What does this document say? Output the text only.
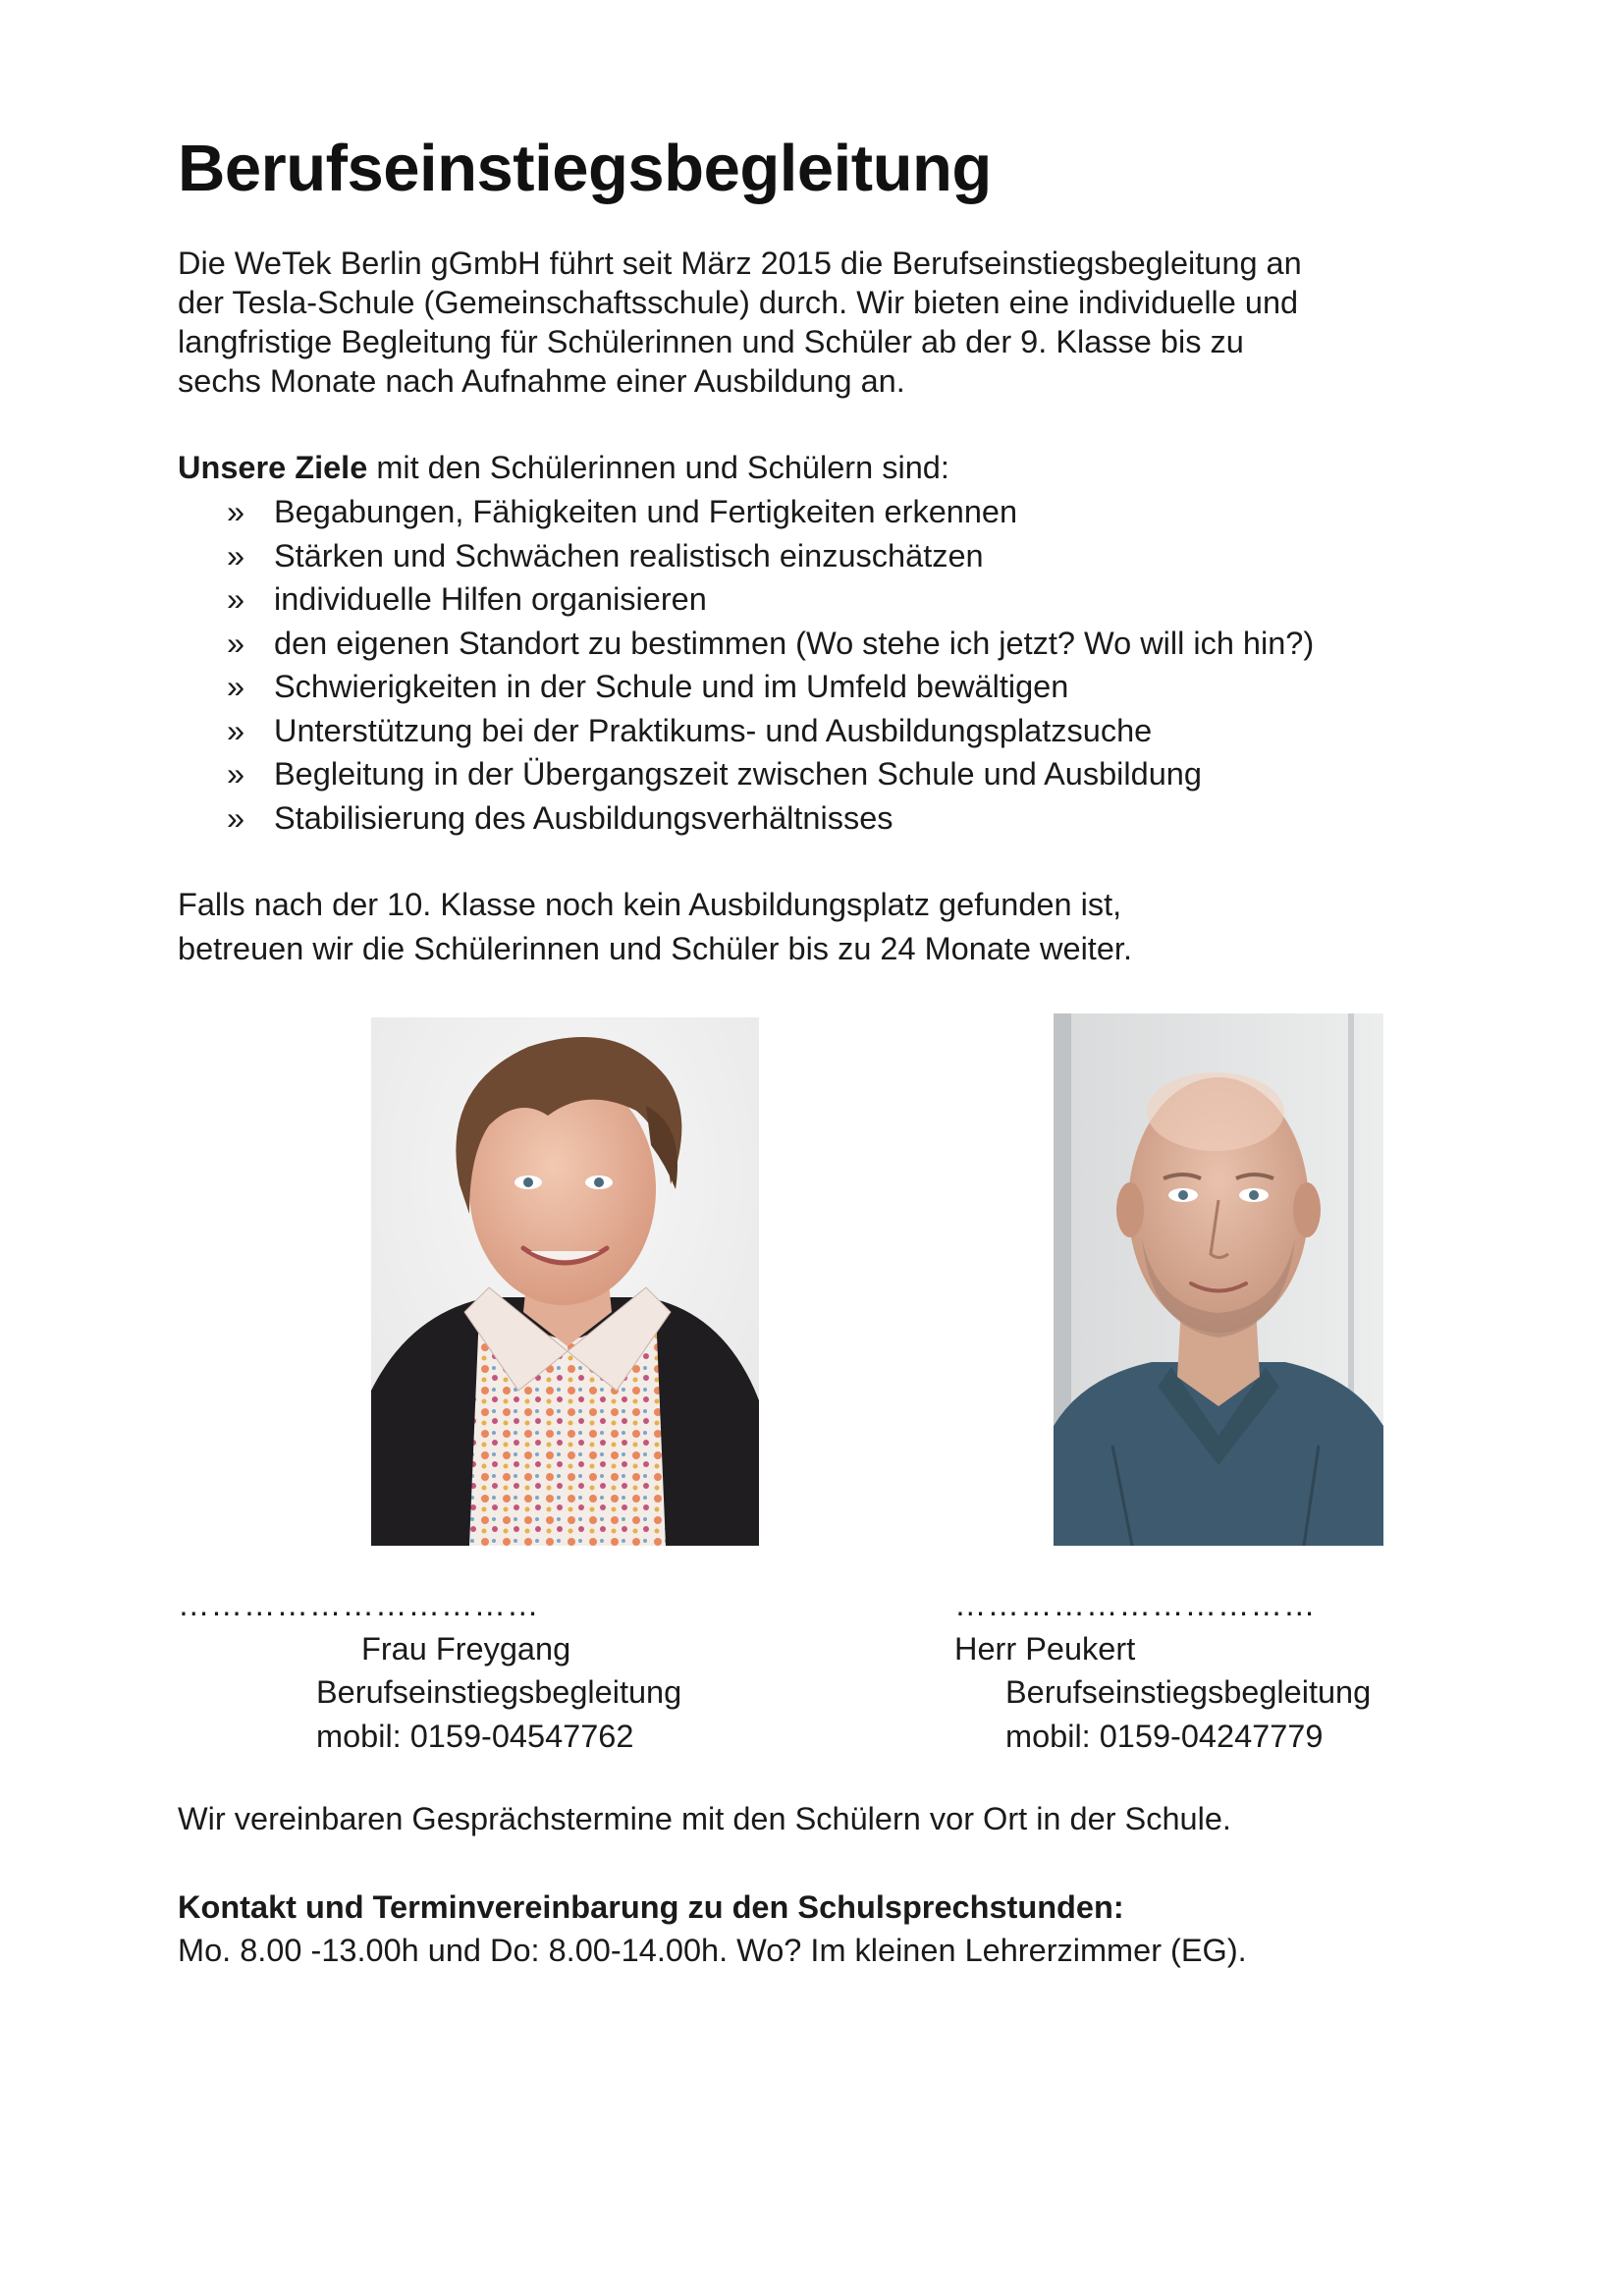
Berufseinstiegsbegleitung
Die WeTek Berlin gGmbH führt seit März 2015 die Berufseinstiegsbegleitung an
der Tesla-Schule (Gemeinschaftsschule) durch. Wir bieten eine individuelle und
langfristige Begleitung für Schülerinnen und Schüler ab der 9. Klasse bis zu
sechs Monate nach Aufnahme einer Ausbildung an.
Unsere Ziele mit den Schülerinnen und Schülern sind:
» Begabungen, Fähigkeiten und Fertigkeiten erkennen
» Stärken und Schwächen realistisch einzuschätzen
» individuelle Hilfen organisieren
» den eigenen Standort zu bestimmen (Wo stehe ich jetzt? Wo will ich hin?)
» Schwierigkeiten in der Schule und im Umfeld bewältigen
» Unterstützung bei der Praktikums- und Ausbildungsplatzsuche
» Begleitung in der Übergangszeit zwischen Schule und Ausbildung
» Stabilisierung des Ausbildungsverhältnisses
Falls nach der 10. Klasse noch kein Ausbildungsplatz gefunden ist,
betreuen wir die Schülerinnen und Schüler bis zu 24 Monate weiter.
……………………………
Frau Freygang
Berufseinstiegsbegleitung
mobil: 0159-04547762
……………………………
Herr Peukert
Berufseinstiegsbegleitung
mobil: 0159-04247779
Wir vereinbaren Gesprächstermine mit den Schülern vor Ort in der Schule.
Kontakt und Terminvereinbarung zu den Schulsprechstunden:
Mo. 8.00 -13.00h und Do: 8.00-14.00h. Wo? Im kleinen Lehrerzimmer (EG).
